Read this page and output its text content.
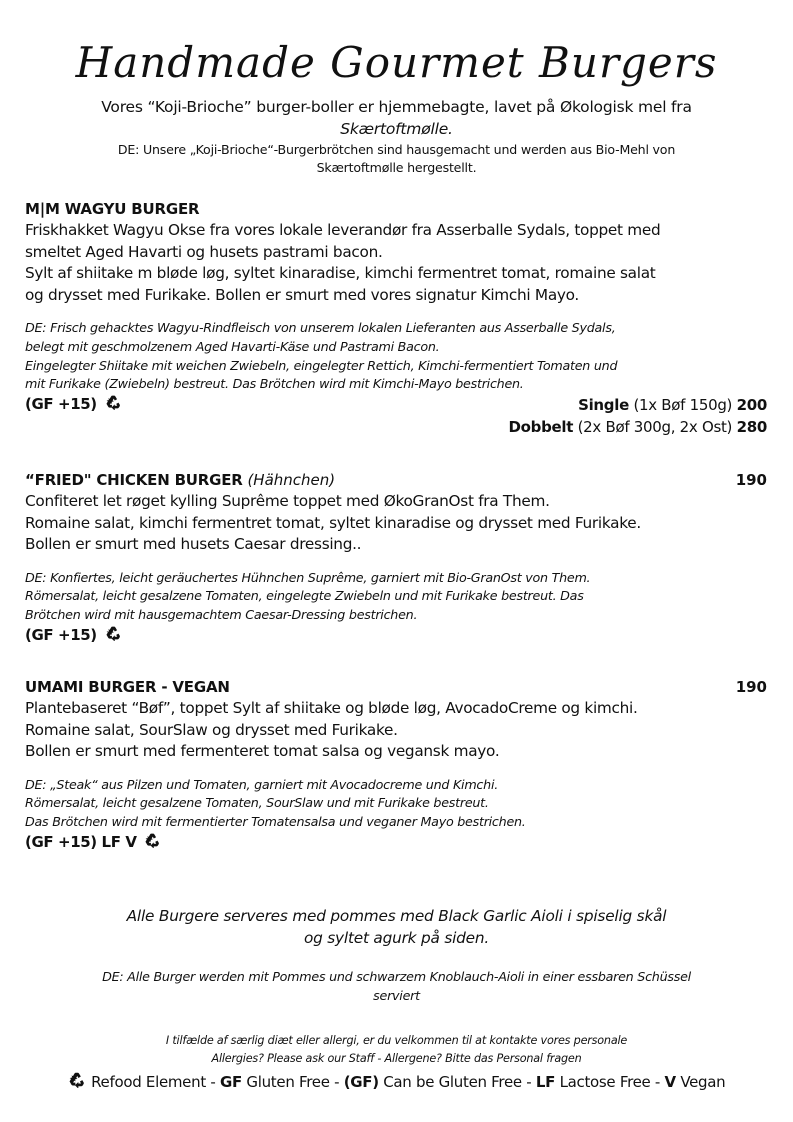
Handmade Gourmet Burgers
Vores “Koji-Brioche” burger-boller er hjemmebagte, lavet på Økologisk mel fra
Skærtoftmølle.
DE: Unsere „Koji-Brioche“-Burgerbrötchen sind hausgemacht und werden aus Bio-Mehl von
Skærtoftmølle hergestellt.
M|M WAGYU BURGER
Friskhakket Wagyu Okse fra vores lokale leverandør fra Asserballe Sydals, toppet med
smeltet Aged Havarti og husets pastrami bacon.
Sylt af shiitake m bløde løg, syltet kinaradise, kimchi fermentret tomat, romaine salat
og drysset med Furikake. Bollen er smurt med vores signatur Kimchi Mayo.
DE: Frisch gehacktes Wagyu-Rindfleisch von unserem lokalen Lieferanten aus Asserballe Sydals,
belegt mit geschmolzenem Aged Havarti-Käse und Pastrami Bacon.
Eingelegter Shiitake mit weichen Zwiebeln, eingelegter Rettich, Kimchi-fermentiert Tomaten und
mit Furikake (Zwiebeln) bestreut. Das Brötchen wird mit Kimchi-Mayo bestrichen.
(GF +15)	Single (1x Bøf 150g) 200
Dobbelt (2x Bøf 300g, 2x Ost) 280
“FRIED" CHICKEN BURGER (Hähnchen)	190
Confiteret let røget kylling Suprême toppet med ØkoGranOst fra Them.
Romaine salat, kimchi fermentret tomat, syltet kinaradise og drysset med Furikake.
Bollen er smurt med husets Caesar dressing..
DE: Konfiertes, leicht geräuchertes Hühnchen Suprême, garniert mit Bio-GranOst von Them.
Römersalat, leicht gesalzene Tomaten, eingelegte Zwiebeln und mit Furikake bestreut. Das
Brötchen wird mit hausgemachtem Caesar-Dressing bestrichen.
(GF +15)
UMAMI BURGER - VEGAN	190
Plantebaseret “Bøf”, toppet Sylt af shiitake og bløde løg, AvocadoCreme og kimchi.
Romaine salat, SourSlaw og drysset med Furikake.
Bollen er smurt med fermenteret tomat salsa og vegansk mayo.
DE: „Steak“ aus Pilzen und Tomaten, garniert mit Avocadocreme und Kimchi.
Römersalat, leicht gesalzene Tomaten, SourSlaw und mit Furikake bestreut.
Das Brötchen wird mit fermentierter Tomatensalsa und veganer Mayo bestrichen.
(GF +15) LF V
Alle Burgere serveres med pommes med Black Garlic Aioli i spiselig skål
og syltet agurk på siden.
DE: Alle Burger werden mit Pommes und schwarzem Knoblauch-Aioli in einer essbaren Schüssel
serviert
I tilfælde af særlig diæt eller allergi, er du velkommen til at kontakte vores personale
Allergies? Please ask our Staff - Allergene? Bitte das Personal fragen
Refood Element - GF Gluten Free - (GF) Can be Gluten Free - LF Lactose Free - V Vegan
